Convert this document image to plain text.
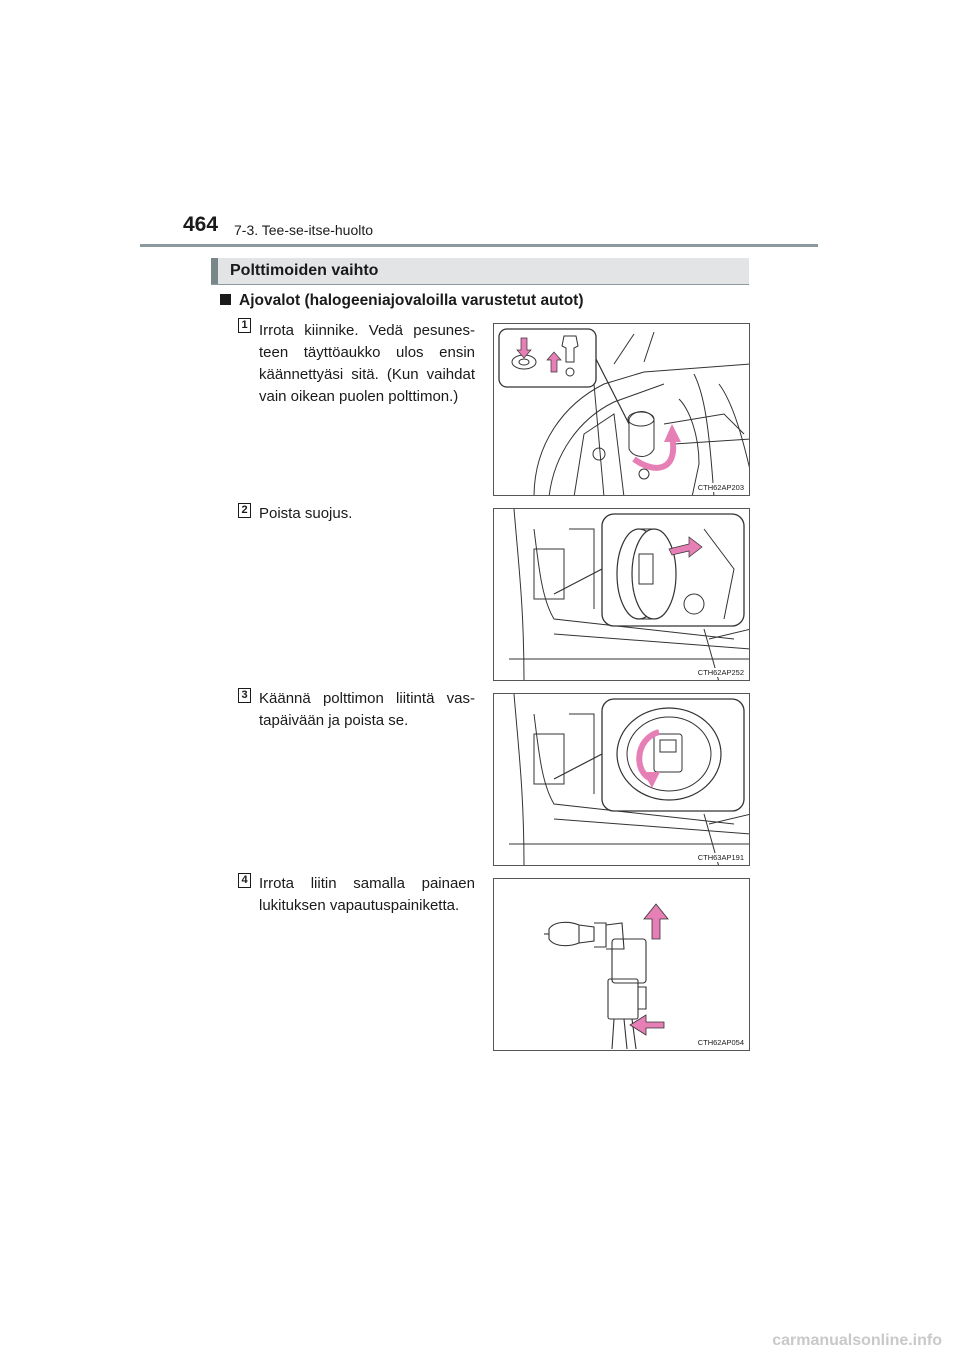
464 7-3. Tee-se-itse-huolto
Polttimoiden vaihto
Ajovalot (halogeeniajovaloilla varustetut autot)
1 Irrota kiinnike. Vedä pesunes-teen täyttöaukko ulos ensin käännettyäsi sitä. (Kun vaihdat vain oikean puolen polttimon.)
CTH62AP203
2 Poista suojus.
CTH62AP252
3 Käännä polttimon liitintä vas-tapäivään ja poista se.
CTH63AP191
4 Irrota liitin samalla painaen lukituksen vapautuspainiketta.
CTH62AP054
carmanualsonline.info
